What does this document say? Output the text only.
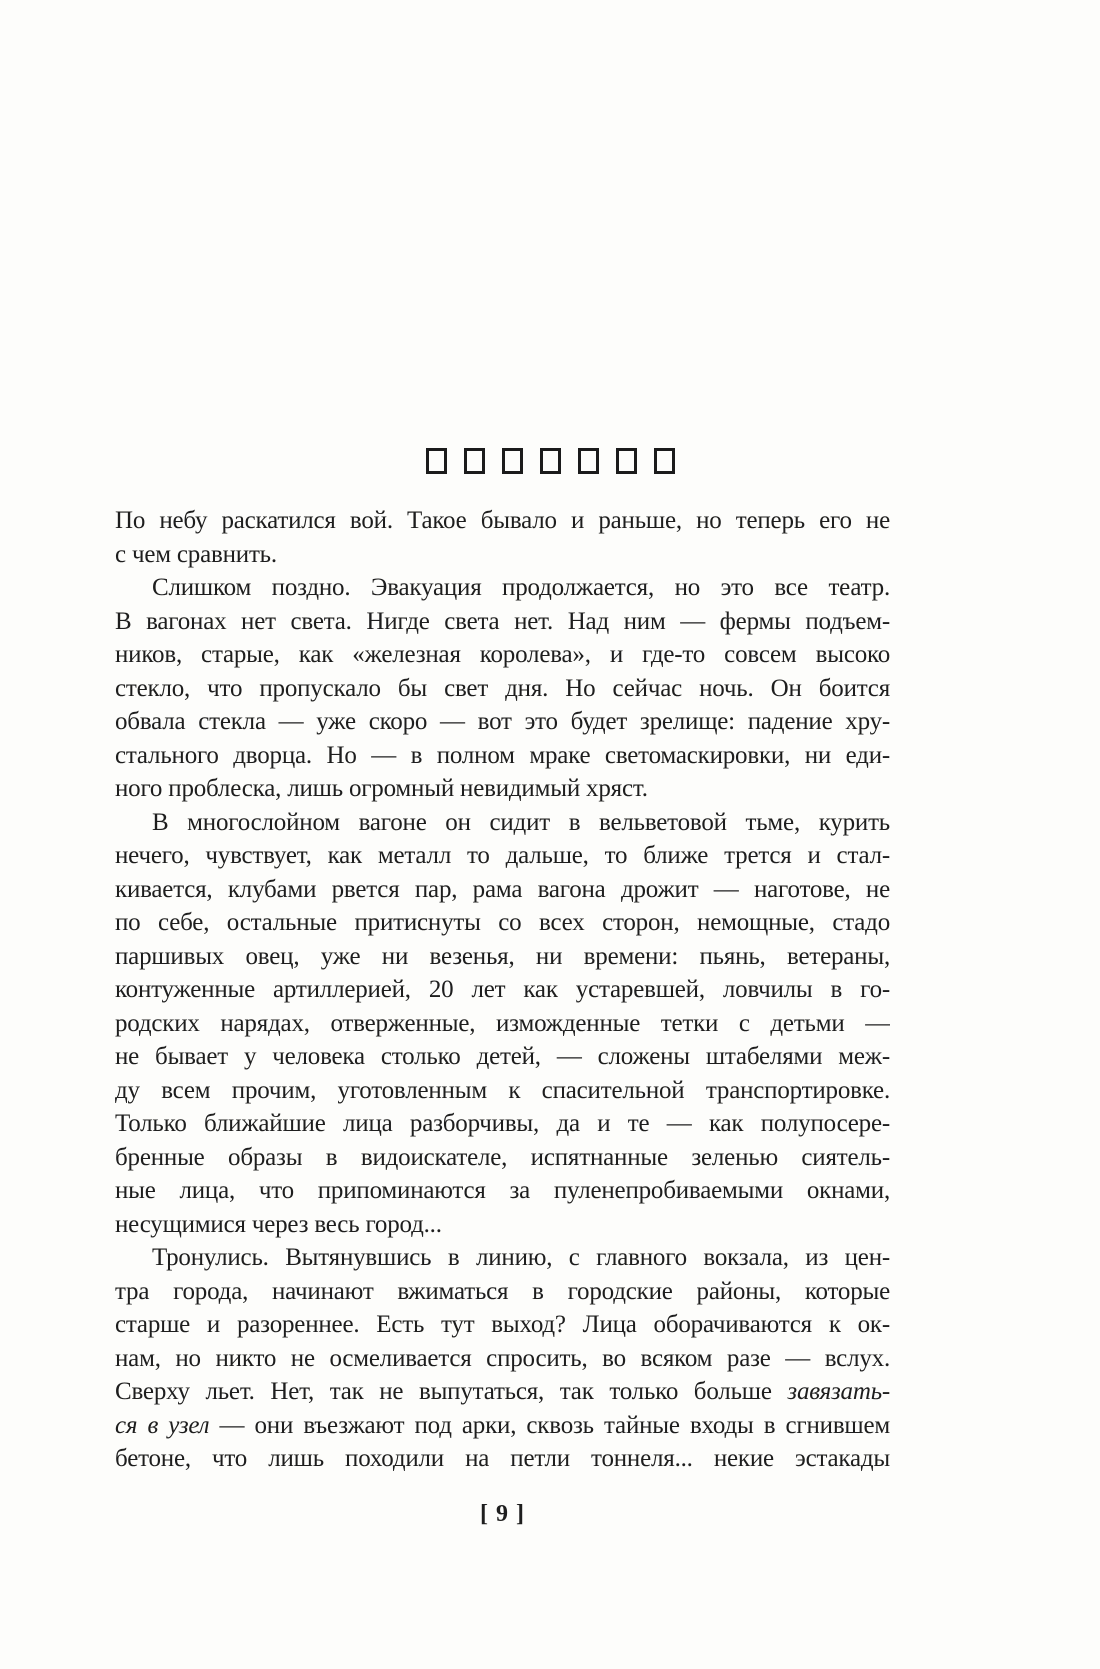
По небу раскатился вой. Такое бывало и раньше, но теперь его не
с чем сравнить.
Слишком поздно. Эвакуация продолжается, но это все театр.
В вагонах нет света. Нигде света нет. Над ним — фермы подъем-
ников, старые, как «железная королева», и где-то совсем высоко
стекло, что пропускало бы свет дня. Но сейчас ночь. Он боится
обвала стекла — уже скоро — вот это будет зрелище: падение хру-
стального дворца. Но — в полном мраке светомаскировки, ни еди-
ного проблеска, лишь огромный невидимый хряст.
В многослойном вагоне он сидит в вельветовой тьме, курить
нечего, чувствует, как металл то дальше, то ближе трется и стал-
кивается, клубами рвется пар, рама вагона дрожит — наготове, не
по себе, остальные притиснуты со всех сторон, немощные, стадо
паршивых овец, уже ни везенья, ни времени: пьянь, ветераны,
контуженные артиллерией, 20 лет как устаревшей, ловчилы в го-
родских нарядах, отверженные, изможденные тетки с детьми —
не бывает у человека столько детей, — сложены штабелями меж-
ду всем прочим, уготовленным к спасительной транспортировке.
Только ближайшие лица разборчивы, да и те — как полупосере-
бренные образы в видоискателе, испятнанные зеленью сиятель-
ные лица, что припоминаются за пуленепробиваемыми окнами,
несущимися через весь город...
Тронулись. Вытянувшись в линию, с главного вокзала, из цен-
тра города, начинают вжиматься в городские районы, которые
старше и разореннее. Есть тут выход? Лица оборачиваются к ок-
нам, но никто не осмеливается спросить, во всяком разе — вслух.
Сверху льет. Нет, так не выпутаться, так только больше завязать-
ся в узел — они въезжают под арки, сквозь тайные входы в сгнившем
бетоне, что лишь походили на петли тоннеля... некие эстакады
[ 9 ]
